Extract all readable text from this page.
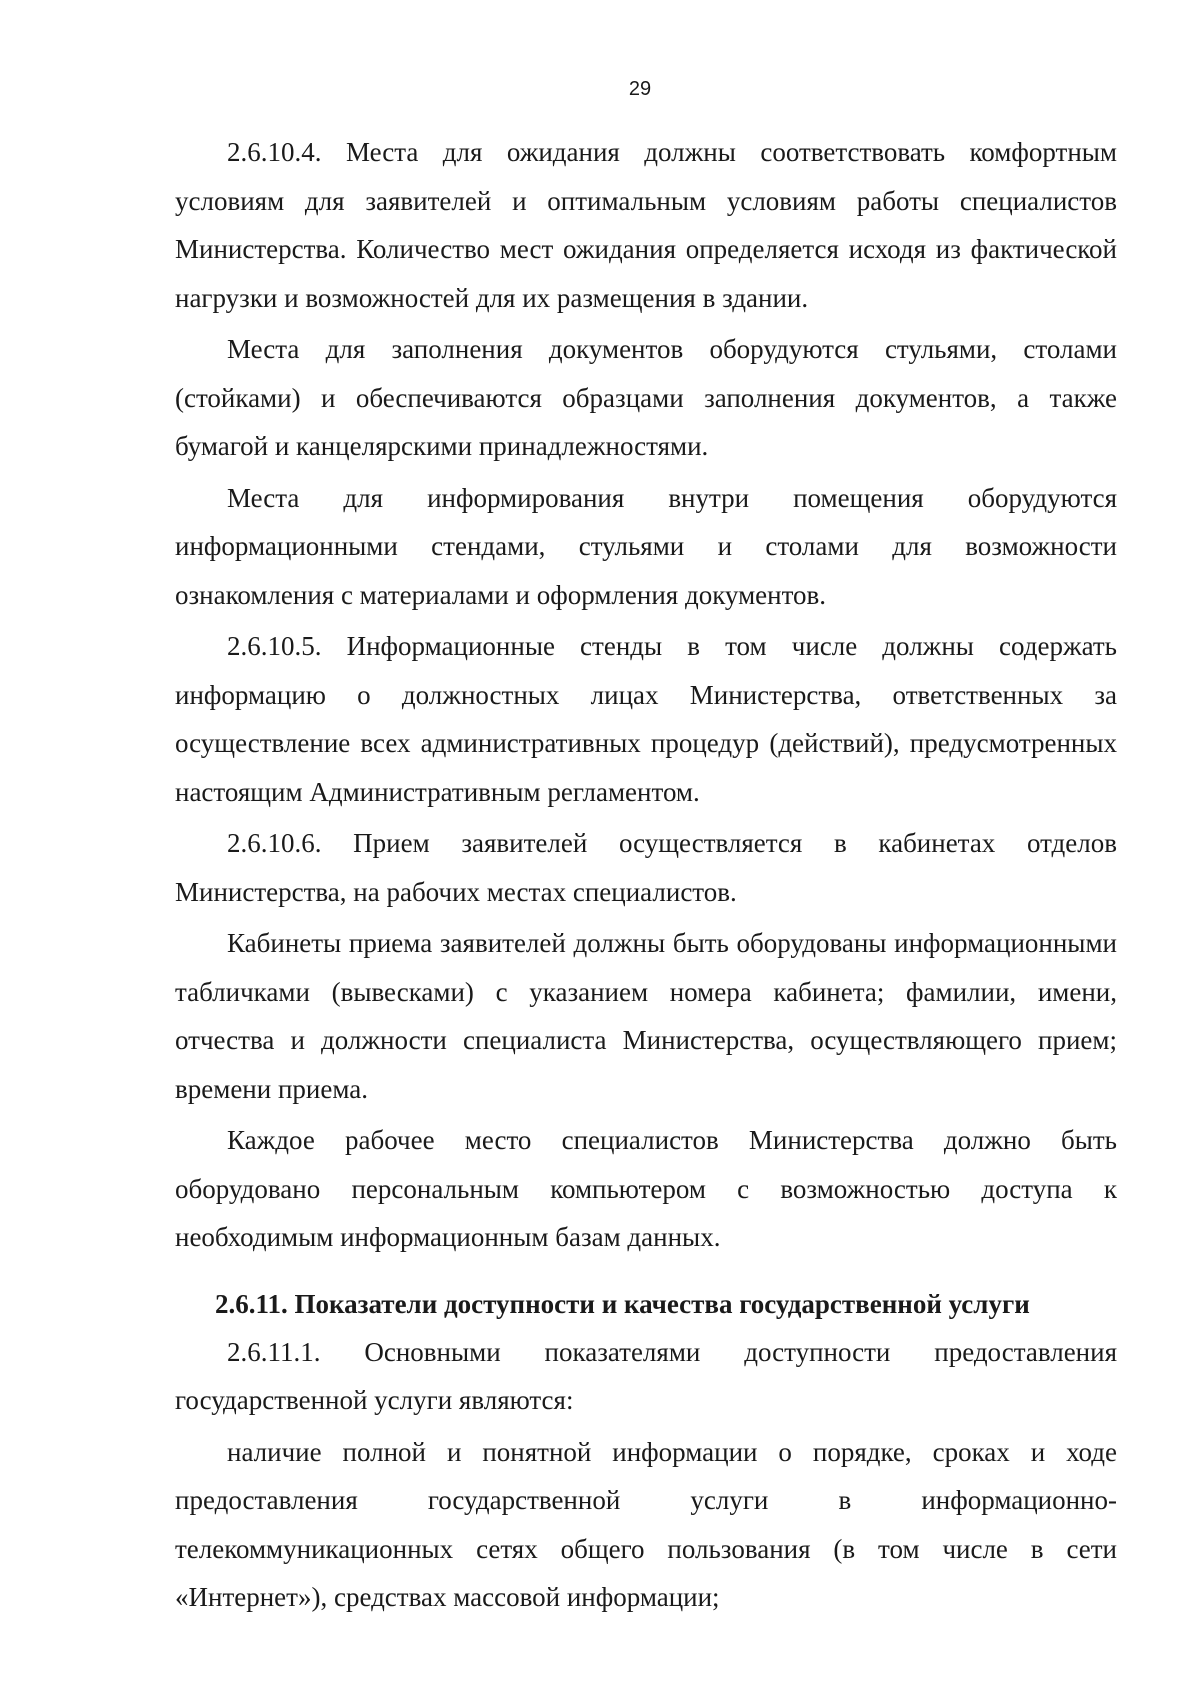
29

2.6.10.4. Места для ожидания должны соответствовать комфортным условиям для заявителей и оптимальным условиям работы специалистов Министерства. Количество мест ожидания определяется исходя из фактической нагрузки и возможностей для их размещения в здании.

Места для заполнения документов оборудуются стульями, столами (стойками) и обеспечиваются образцами заполнения документов, а также бумагой и канцелярскими принадлежностями.

Места для информирования внутри помещения оборудуются информационными стендами, стульями и столами для возможности ознакомления с материалами и оформления документов.

2.6.10.5. Информационные стенды в том числе должны содержать информацию о должностных лицах Министерства, ответственных за осуществление всех административных процедур (действий), предусмотренных настоящим Административным регламентом.

2.6.10.6. Прием заявителей осуществляется в кабинетах отделов Министерства, на рабочих местах специалистов.

Кабинеты приема заявителей должны быть оборудованы информационными табличками (вывесками) с указанием номера кабинета; фамилии, имени, отчества и должности специалиста Министерства, осуществляющего прием; времени приема.

Каждое рабочее место специалистов Министерства должно быть оборудовано персональным компьютером с возможностью доступа к необходимым информационным базам данных.

2.6.11. Показатели доступности и качества государственной услуги

2.6.11.1. Основными показателями доступности предоставления государственной услуги являются:

наличие полной и понятной информации о порядке, сроках и ходе предоставления государственной услуги в информационно-телекоммуникационных сетях общего пользования (в том числе в сети «Интернет»), средствах массовой информации;
